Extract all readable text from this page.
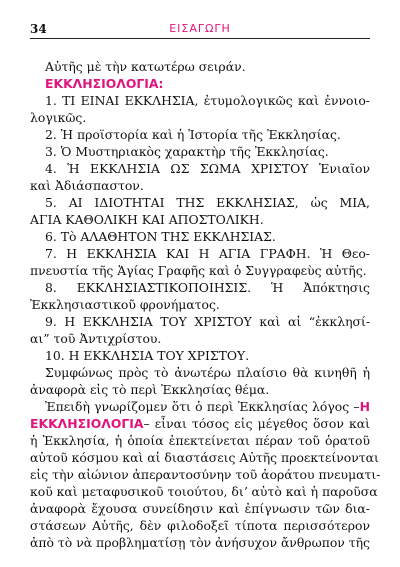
34	ΕΙΣΑΓΩΓΗ
Αὐτῆς μὲ τὴν κατωτέρω σειράν.
ΕΚΚΛΗΣΙΟΛΟΓΙΑ:
1. ΤΙ ΕΙΝΑΙ ΕΚΚΛΗΣΙΑ, ἐτυμολογικῶς καὶ ἐννοιο-
λογικῶς.
2. Ἡ προϊστορία καὶ ἡ Ἱστορία τῆς Ἐκκλησίας.
3. Ὁ Μυστηριακὸς χαρακτὴρ τῆς Ἐκκλησίας.
4. Ἡ ΕΚΚΛΗΣΙΑ ΩΣ ΣΩΜΑ ΧΡΙΣΤΟΥ Ἑνιαῖον
καὶ Ἀδιάσπαστον.
5. ΑΙ ΙΔΙΟΤΗΤΑΙ ΤΗΣ ΕΚΚΛΗΣΙΑΣ, ὡς ΜΙΑ,
ΑΓΙΑ ΚΑΘΟΛΙΚΗ ΚΑΙ ΑΠΟΣΤΟΛΙΚΗ.
6. Τὸ ΑΛΑΘΗΤΟΝ ΤΗΣ ΕΚΚΛΗΣΙΑΣ.
7. Η ΕΚΚΛΗΣΙΑ ΚΑΙ Η ΑΓΙΑ ΓΡΑΦΗ. Ἡ Θεο-
πνευστία τῆς Ἁγίας Γραφῆς καὶ ὁ Συγγραφεὺς αὐτῆς.
8. ΕΚΚΛΗΣΙΑΣΤΙΚΟΠΟΙΗΣΙΣ. Ἡ Ἀπόκτησις
Ἐκκλησιαστικοῦ φρονήματος.
9. Η ΕΚΚΛΗΣΙΑ ΤΟΥ ΧΡΙΣΤΟΥ καὶ αἱ “ἐκκλησί-
αι” τοῦ Ἀντιχρίστου.
10. Η ΕΚΚΛΗΣΙΑ ΤΟΥ ΧΡΙΣΤΟΥ.
Συμφώνως πρὸς τὸ ἀνωτέρω πλαίσιο θὰ κινηθῆ ἡ
ἀναφορὰ εἰς τὸ περὶ Ἐκκλησίας θέμα.
Ἐπειδὴ γνωρίζομεν ὅτι ὁ περὶ Ἐκκλησίας λόγος –Η
ΕΚΚΛΗΣΙΟΛΟΓΙΑ– εἶναι τόσος εἰς μέγεθος ὅσον καὶ
ἡ Ἐκκλησία, ἡ ὁποία ἐπεκτείνεται πέραν τοῦ ὁρατοῦ
αὐτοῦ κόσμου καὶ αἱ διαστάσεις Αὐτῆς προεκτείνονται
εἰς τὴν αἰώνιον ἀπεραντοσύνην τοῦ ἀοράτου πνευματι-
κοῦ καὶ μεταφυσικοῦ τοιούτου, διʼ αὐτὸ καὶ ἡ παροῦσα
ἀναφορὰ ἔχουσα συνείδησιν καὶ ἐπίγνωσιν τῶν δια-
στάσεων Αὐτῆς, δὲν φιλοδοξεῖ τίποτα περισσότερον
ἀπὸ τὸ νὰ προβληματίσῃ τὸν ἀνήσυχον ἄνθρωπον τῆς
